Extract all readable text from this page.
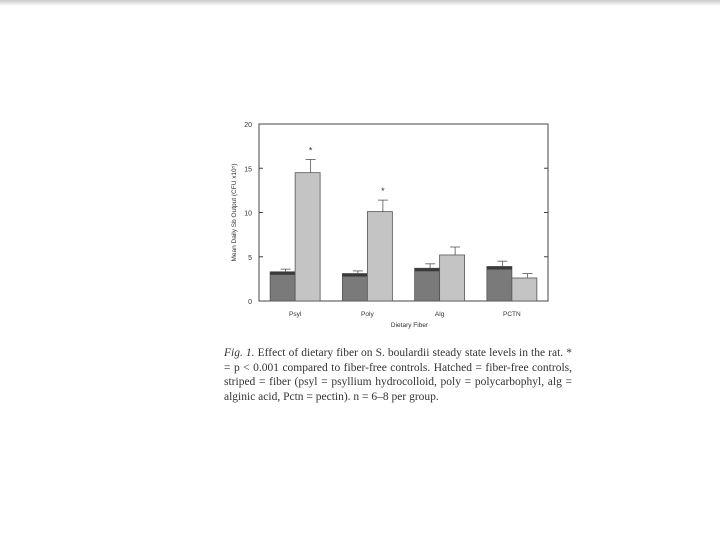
0
5
10
15
20
Mean Daily Sb Output (CFU x10⁵)
Dietary Fiber
*
Psyl
*
Poly	Alg	PCTN
Fig. 1. Effect of dietary fiber on S. boulardii steady state levels in the rat. * = p < 0.001 compared to fiber-free controls. Hatched = fiber-free controls, striped = fiber (psyl = psyllium hydrocolloid, poly = polycarbophyl, alg = alginic acid, Pctn = pectin). n = 6–8 per group.
